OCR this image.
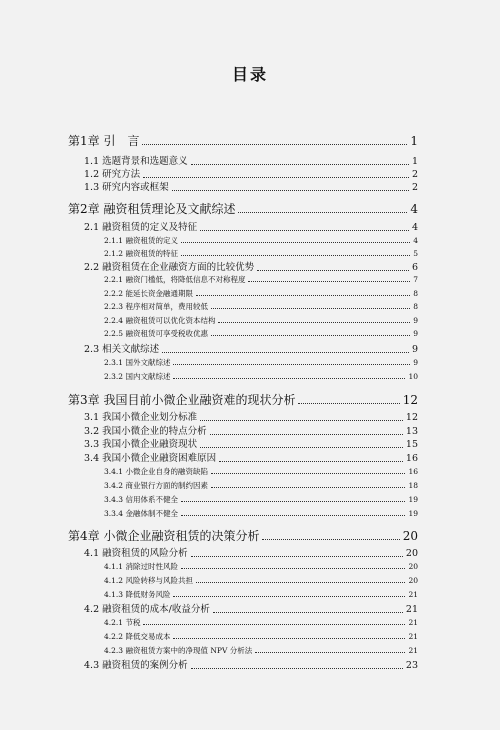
目录
第1章 引　言	1
1.1 选题背景和选题意义	1
1.2 研究方法	2
1.3 研究内容或框架	2
第2章 融资租赁理论及文献综述	4
2.1 融资租赁的定义及特征	4
2.1.1 融资租赁的定义	4
2.1.2 融资租赁的特征	5
2.2 融资租赁在企业融资方面的比较优势	6
2.2.1 融资门槛低，将降低信息不对称程度	7
2.2.2 能延长资金融通期限	8
2.2.3 程序相对简单，费用较低	8
2.2.4 融资租赁可以优化资本结构	9
2.2.5 融资租赁可享受税收优惠	9
2.3 相关文献综述	9
2.3.1 国外文献综述	9
2.3.2 国内文献综述	10
第3章 我国目前小微企业融资难的现状分析	12
3.1 我国小微企业划分标准	12
3.2 我国小微企业的特点分析	13
3.3 我国小微企业融资现状	15
3.4 我国小微企业融资困难原因	16
3.4.1 小微企业自身的融资缺陷	16
3.4.2 商业银行方面的制约因素	18
3.4.3 信用体系不健全	19
3.3.4 金融体制不健全	19
第4章 小微企业融资租赁的决策分析	20
4.1 融资租赁的风险分析	20
4.1.1 消除过时性风险	20
4.1.2 风险转移与风险共担	20
4.1.3 降低财务风险	21
4.2 融资租赁的成本/收益分析	21
4.2.1 节税	21
4.2.2 降低交易成本	21
4.2.3 融资租赁方案中的净现值 NPV 分析法	21
4.3 融资租赁的案例分析	23
